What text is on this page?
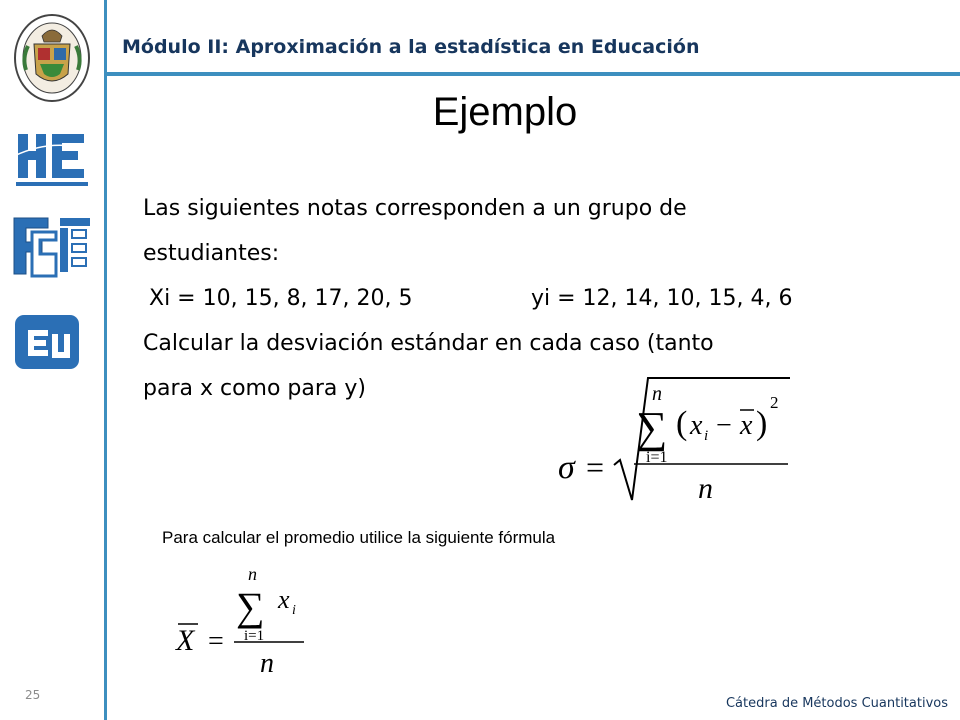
Módulo II: Aproximación a la estadística en Educación
Ejemplo
Las siguientes notas corresponden a un grupo de
estudiantes:
Xi = 10, 15, 8, 17, 20, 5	yi = 12, 14, 10, 15, 4, 6
Calcular la desviación estándar en cada caso (tanto
para x como para y)
σ =
n
∑
i=1
( x i − x )
2
n
Para calcular el promedio utilice la siguiente fórmula
X =
n
∑
i=1
x i
n
25
Cátedra de Métodos Cuantitativos
